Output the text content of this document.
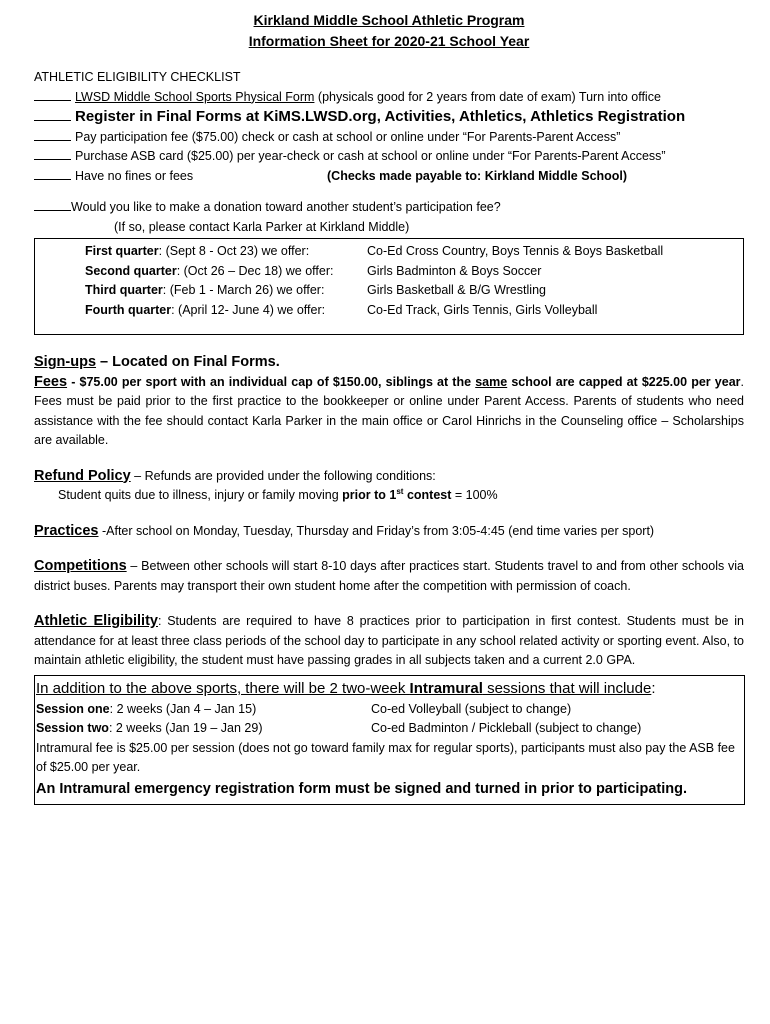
Kirkland Middle School Athletic Program
Information Sheet for 2020-21 School Year
ATHLETIC ELIGIBILITY CHECKLIST
LWSD Middle School Sports Physical Form (physicals good for 2 years from date of exam) Turn into office
Register in Final Forms at KiMS.LWSD.org, Activities, Athletics, Athletics Registration
Pay participation fee ($75.00) check or cash at school or online under “For Parents-Parent Access”
Purchase ASB card ($25.00) per year-check or cash at school or online under “For Parents-Parent Access”
Have no fines or fees	(Checks made payable to: Kirkland Middle School)
Would you like to make a donation toward another student’s participation fee?
(If so, please contact Karla Parker at Kirkland Middle)
First quarter: (Sept 8 - Oct 23) we offer:	Co-Ed Cross Country, Boys Tennis & Boys Basketball
Second quarter: (Oct 26 – Dec 18) we offer:	Girls Badminton & Boys Soccer
Third quarter: (Feb 1 - March 26) we offer:	Girls Basketball & B/G Wrestling
Fourth quarter: (April 12- June 4) we offer:	Co-Ed Track, Girls Tennis, Girls Volleyball
Sign-ups – Located on Final Forms.
Fees - $75.00 per sport with an individual cap of $150.00, siblings at the same school are capped at $225.00 per year. Fees must be paid prior to the first practice to the bookkeeper or online under Parent Access. Parents of students who need assistance with the fee should contact Karla Parker in the main office or Carol Hinrichs in the Counseling office – Scholarships are available.
Refund Policy – Refunds are provided under the following conditions:
Student quits due to illness, injury or family moving prior to 1st contest = 100%
Practices -After school on Monday, Tuesday, Thursday and Friday’s from 3:05-4:45 (end time varies per sport)
Competitions – Between other schools will start 8-10 days after practices start. Students travel to and from other schools via district buses. Parents may transport their own student home after the competition with permission of coach.
Athletic Eligibility: Students are required to have 8 practices prior to participation in first contest. Students must be in attendance for at least three class periods of the school day to participate in any school related activity or sporting event. Also, to maintain athletic eligibility, the student must have passing grades in all subjects taken and a current 2.0 GPA.
In addition to the above sports, there will be 2 two-week Intramural sessions that will include:
Session one: 2 weeks (Jan 4 – Jan 15)	Co-ed Volleyball (subject to change)
Session two: 2 weeks (Jan 19 – Jan 29)	Co-ed Badminton / Pickleball (subject to change)
Intramural fee is $25.00 per session (does not go toward family max for regular sports), participants must also pay the ASB fee of $25.00 per year.
An Intramural emergency registration form must be signed and turned in prior to participating.
